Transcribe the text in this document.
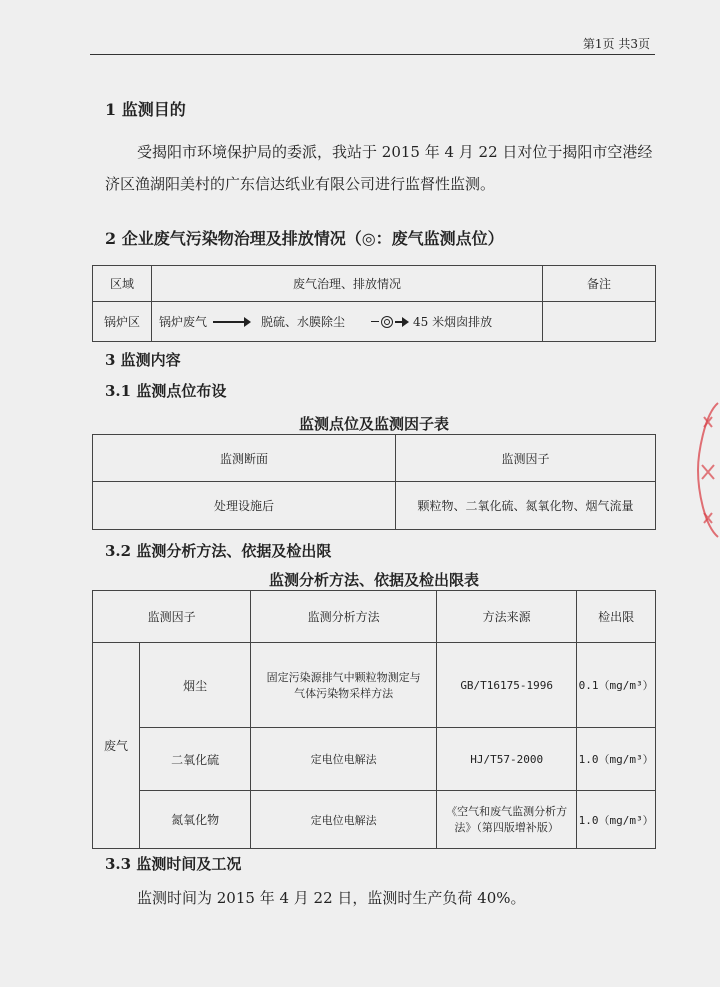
第1页 共3页
1 监测目的
受揭阳市环境保护局的委派，我站于 2015 年 4 月 22 日对位于揭阳市空港经济区渔湖阳美村的广东信达纸业有限公司进行监督性监测。
2 企业废气污染物治理及排放情况（◎：废气监测点位）
区域	废气治理、排放情况	备注
锅炉区	锅炉废气 脱硫、水膜除尘 45 米烟囱排放	

3 监测内容
3.1 监测点位布设
监测点位及监测因子表
监测断面	监测因子
处理设施后	颗粒物、二氧化硫、氮氧化物、烟气流量
3.2 监测分析方法、依据及检出限
监测分析方法、依据及检出限表
监测因子		监测分析方法	方法来源	检出限
废气	烟尘	固定污染源排气中颗粒物测定与气体污染物采样方法	GB/T16175-1996	0.1（mg/m³）
	二氧化硫	定电位电解法	HJ/T57-2000	1.0（mg/m³）
	氮氧化物	定电位电解法	《空气和废气监测分析方法》（第四版增补版）	1.0（mg/m³）
3.3 监测时间及工况
监测时间为 2015 年 4 月 22 日，监测时生产负荷 40%。
